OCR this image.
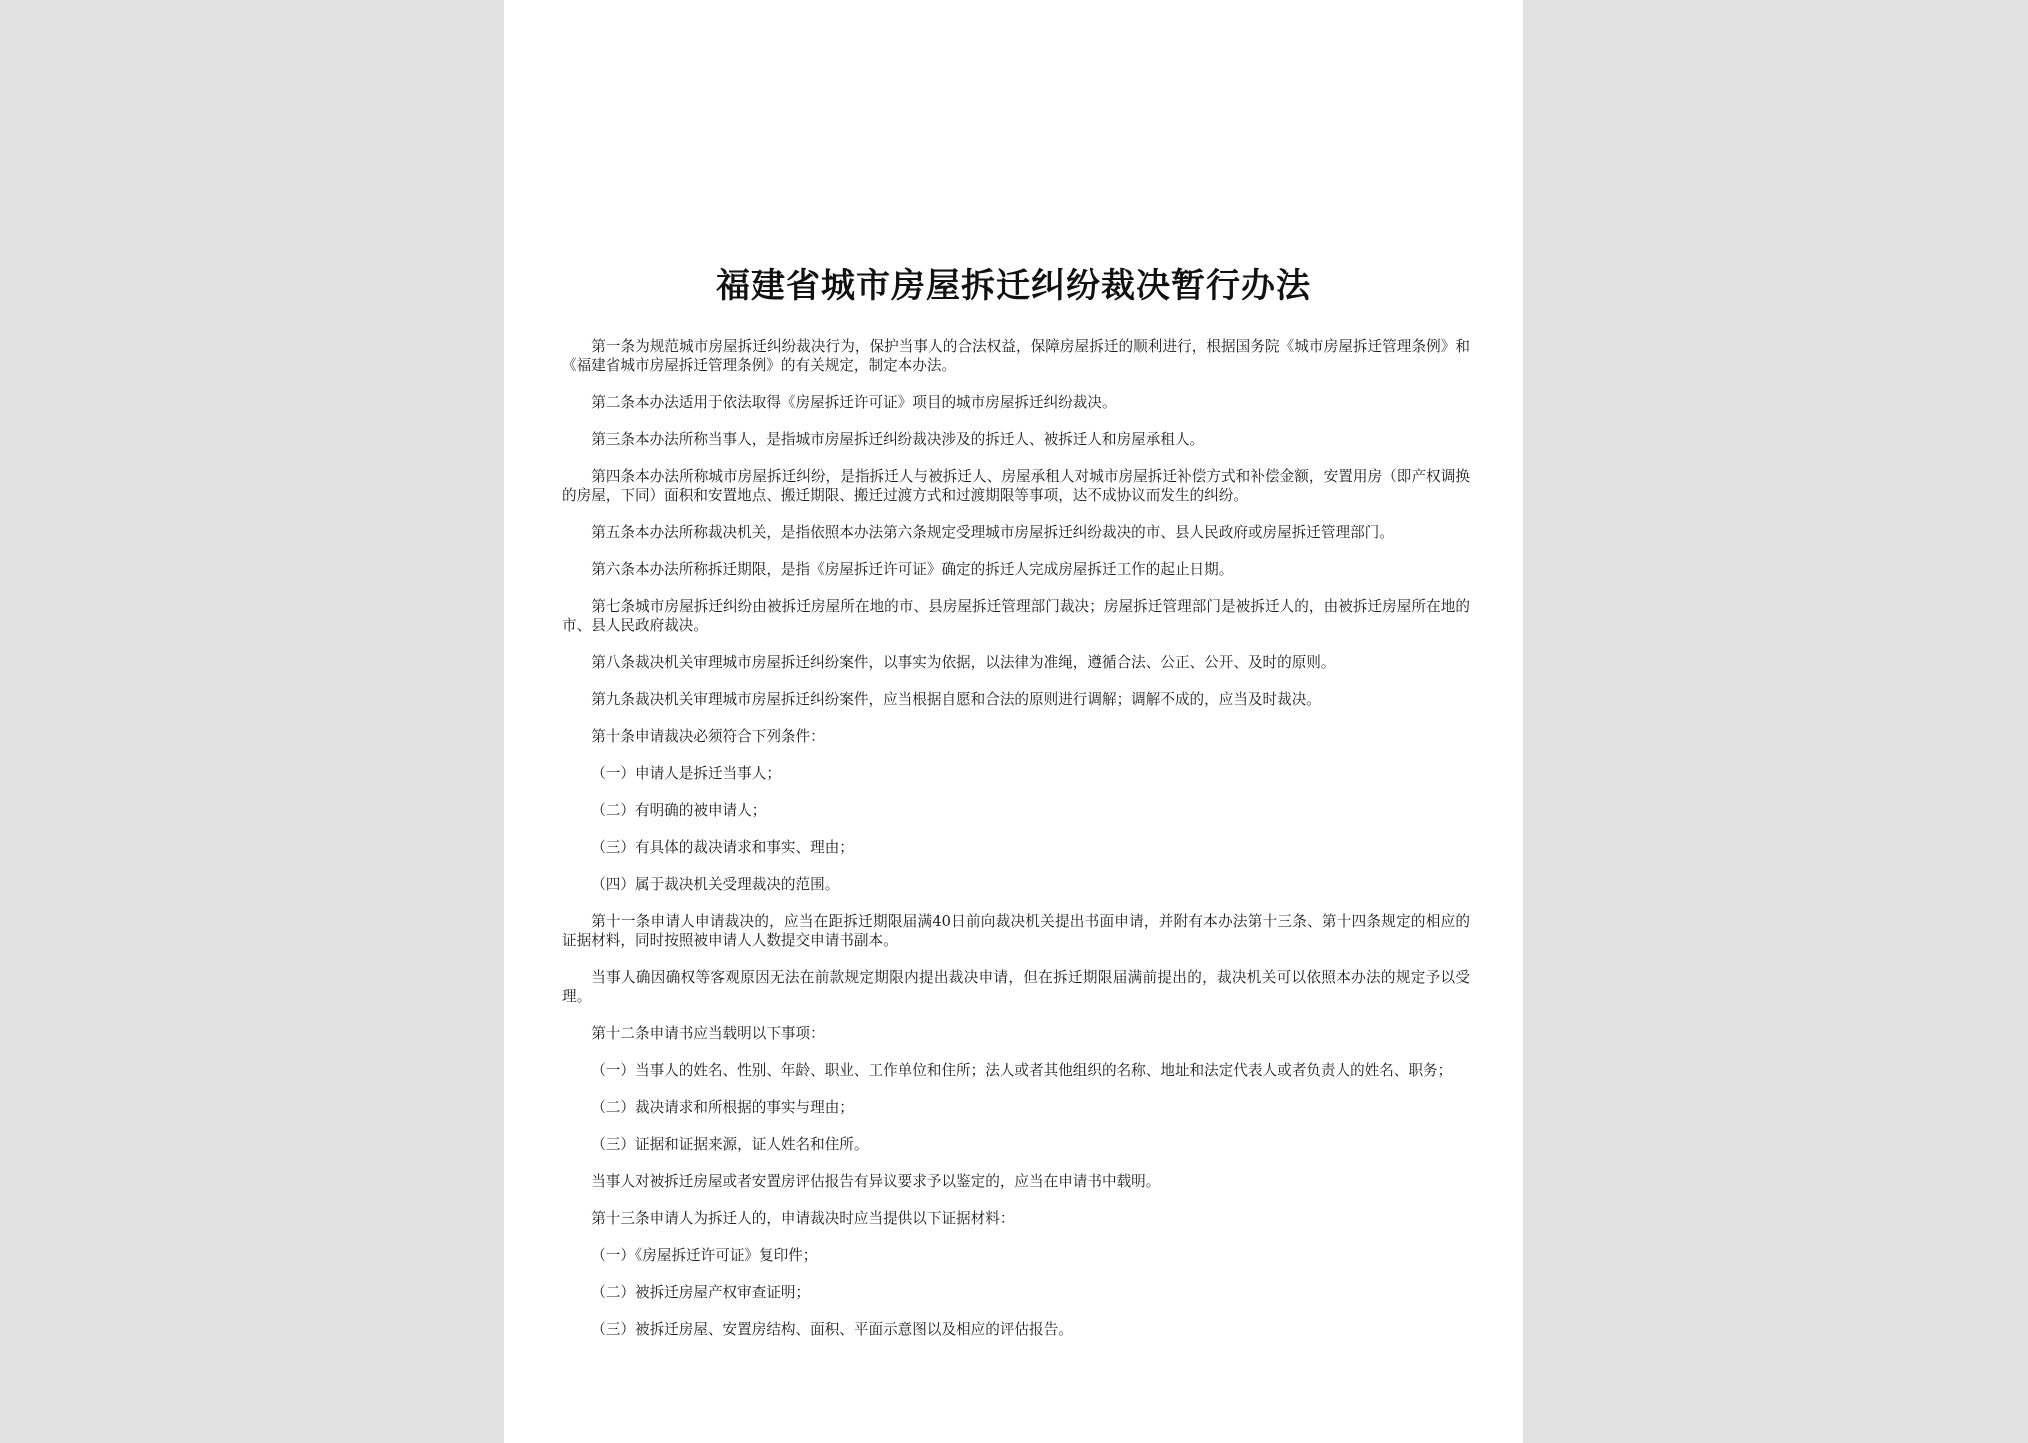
福建省城市房屋拆迁纠纷裁决暂行办法

第一条为规范城市房屋拆迁纠纷裁决行为，保护当事人的合法权益，保障房屋拆迁的顺利进行，根据国务院《城市房屋拆迁管理条例》和《福建省城市房屋拆迁管理条例》的有关规定，制定本办法。

第二条本办法适用于依法取得《房屋拆迁许可证》项目的城市房屋拆迁纠纷裁决。

第三条本办法所称当事人，是指城市房屋拆迁纠纷裁决涉及的拆迁人、被拆迁人和房屋承租人。

第四条本办法所称城市房屋拆迁纠纷，是指拆迁人与被拆迁人、房屋承租人对城市房屋拆迁补偿方式和补偿金额，安置用房（即产权调换的房屋，下同）面积和安置地点、搬迁期限、搬迁过渡方式和过渡期限等事项，达不成协议而发生的纠纷。

第五条本办法所称裁决机关，是指依照本办法第六条规定受理城市房屋拆迁纠纷裁决的市、县人民政府或房屋拆迁管理部门。

第六条本办法所称拆迁期限，是指《房屋拆迁许可证》确定的拆迁人完成房屋拆迁工作的起止日期。

第七条城市房屋拆迁纠纷由被拆迁房屋所在地的市、县房屋拆迁管理部门裁决；房屋拆迁管理部门是被拆迁人的，由被拆迁房屋所在地的市、县人民政府裁决。

第八条裁决机关审理城市房屋拆迁纠纷案件，以事实为依据，以法律为准绳，遵循合法、公正、公开、及时的原则。

第九条裁决机关审理城市房屋拆迁纠纷案件，应当根据自愿和合法的原则进行调解；调解不成的，应当及时裁决。

第十条申请裁决必须符合下列条件：

（一）申请人是拆迁当事人；

（二）有明确的被申请人；

（三）有具体的裁决请求和事实、理由；

（四）属于裁决机关受理裁决的范围。

第十一条申请人申请裁决的，应当在距拆迁期限届满40日前向裁决机关提出书面申请，并附有本办法第十三条、第十四条规定的相应的证据材料，同时按照被申请人人数提交申请书副本。

当事人确因确权等客观原因无法在前款规定期限内提出裁决申请，但在拆迁期限届满前提出的，裁决机关可以依照本办法的规定予以受理。

第十二条申请书应当载明以下事项：

（一）当事人的姓名、性别、年龄、职业、工作单位和住所；法人或者其他组织的名称、地址和法定代表人或者负责人的姓名、职务；

（二）裁决请求和所根据的事实与理由；

（三）证据和证据来源，证人姓名和住所。

当事人对被拆迁房屋或者安置房评估报告有异议要求予以鉴定的，应当在申请书中载明。

第十三条申请人为拆迁人的，申请裁决时应当提供以下证据材料：

（一）《房屋拆迁许可证》复印件；

（二）被拆迁房屋产权审查证明；

（三）被拆迁房屋、安置房结构、面积、平面示意图以及相应的评估报告。
